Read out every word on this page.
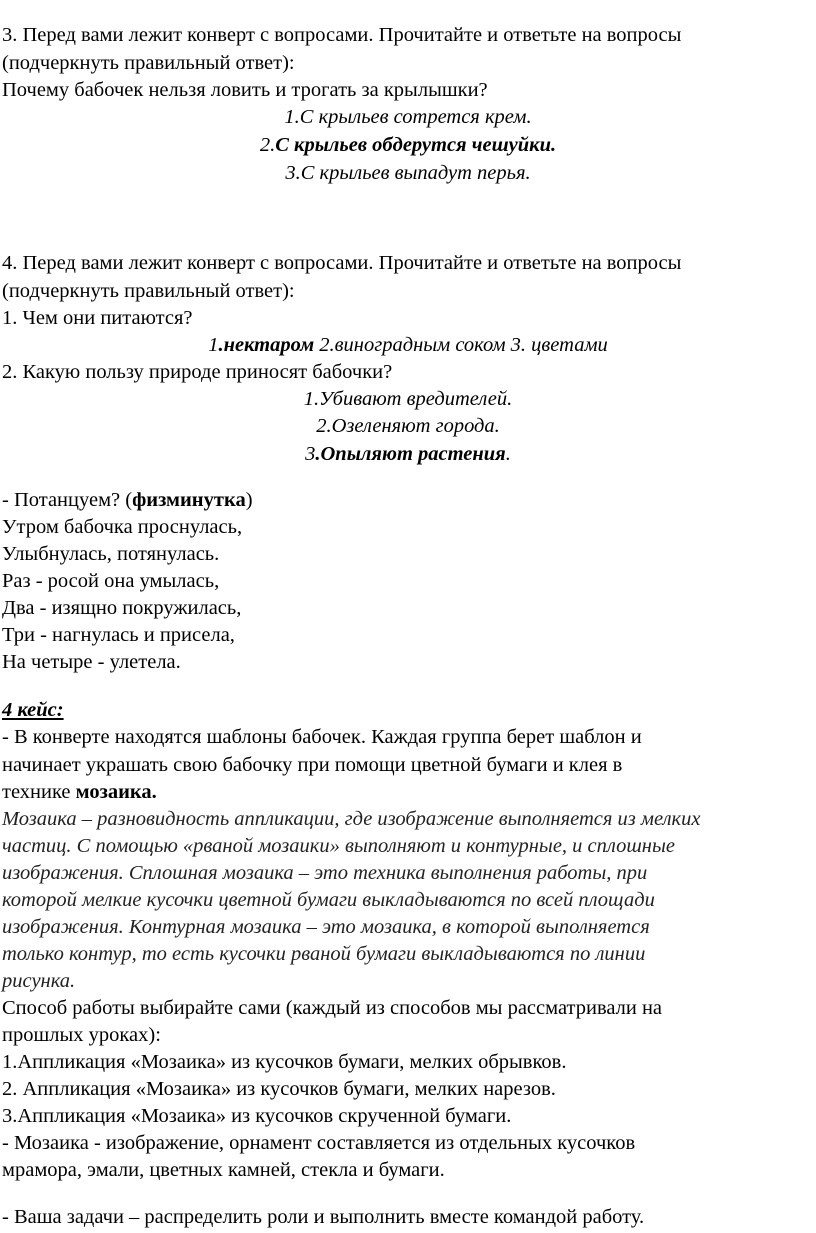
3. Перед вами лежит конверт с вопросами. Прочитайте и ответьте на вопросы
(подчеркнуть правильный ответ):
Почему бабочек нельзя ловить и трогать за крылышки?
1.С крыльев сотрется крем.
2.С крыльев обдерутся чешуйки.
3.С крыльев выпадут перья.
4. Перед вами лежит конверт с вопросами. Прочитайте и ответьте на вопросы
(подчеркнуть правильный ответ):
1. Чем они питаются?
1.нектаром 2.виноградным соком 3. цветами
2. Какую пользу природе приносят бабочки?
1.Убивают вредителей.
2.Озеленяют города.
3.Опыляют растения.
- Потанцуем? (физминутка)
Утром бабочка проснулась,
Улыбнулась, потянулась.
Раз - росой она умылась,
Два - изящно покружилась,
Три - нагнулась и присела,
На четыре - улетела.
4 кейс:
- В конверте находятся шаблоны бабочек. Каждая группа берет шаблон и
начинает украшать свою бабочку при помощи цветной бумаги и клея в
технике мозаика.
Мозаика – разновидность аппликации, где изображение выполняется из мелких
частиц. С помощью «рваной мозаики» выполняют и контурные, и сплошные
изображения. Сплошная мозаика – это техника выполнения работы, при
которой мелкие кусочки цветной бумаги выкладываются по всей площади
изображения. Контурная мозаика – это мозаика, в которой выполняется
только контур, то есть кусочки рваной бумаги выкладываются по линии
рисунка.
Способ работы выбирайте сами (каждый из способов мы рассматривали на
прошлых уроках):
1.Аппликация «Мозаика» из кусочков бумаги, мелких обрывков.
2. Аппликация «Мозаика» из кусочков бумаги, мелких нарезов.
3.Аппликация «Мозаика» из кусочков скрученной бумаги.
- Мозаика - изображение, орнамент составляется из отдельных кусочков
мрамора, эмали, цветных камней, стекла и бумаги.
- Ваша задачи – распределить роли и выполнить вместе командой работу.
